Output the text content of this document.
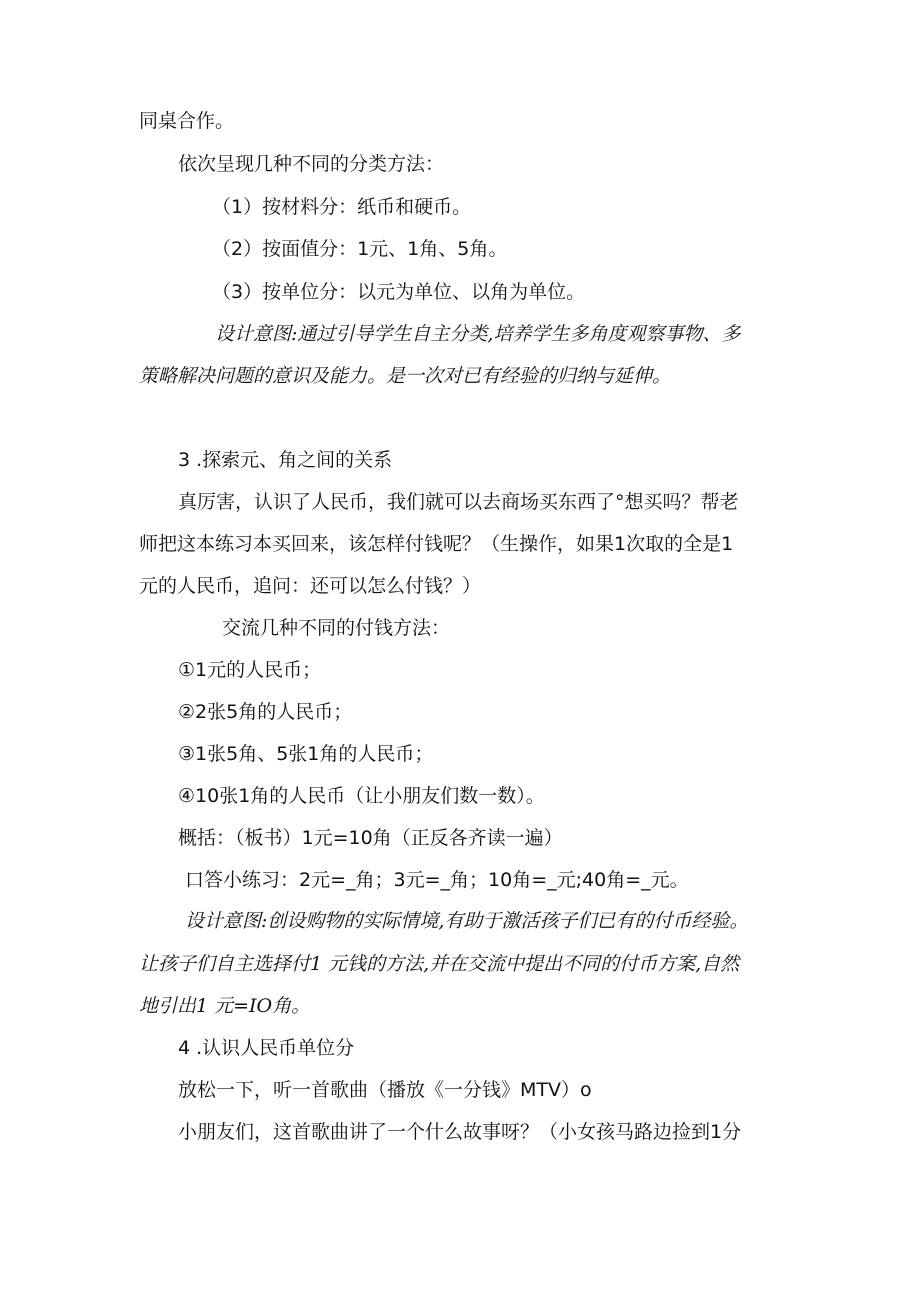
同桌合作。
依次呈现几种不同的分类方法：
（1）按材料分：纸币和硬币。
（2）按面值分：1元、1角、5角。
（3）按单位分：以元为单位、以角为单位。
设计意图:通过引导学生自主分类,培养学生多角度观察事物、多
策略解决问题的意识及能力。是一次对已有经验的归纳与延伸。
3 .探索元、角之间的关系
真厉害，认识了人民币，我们就可以去商场买东西了°想买吗？帮老
师把这本练习本买回来，该怎样付钱呢？（生操作，如果1次取的全是1
元的人民币，追问：还可以怎么付钱？）
交流几种不同的付钱方法：
①1元的人民币；
②2张5角的人民币；
③1张5角、5张1角的人民币；
④10张1角的人民币（让小朋友们数一数）。
概括：（板书）1元=10角（正反各齐读一遍）
口答小练习：2元=_角；3元=_角；10角=_元;40角=_元。
设计意图:创设购物的实际情境,有助于激活孩子们已有的付币经验。
让孩子们自主选择付1 元钱的方法,并在交流中提出不同的付币方案,自然
地引出1 元=IO角。
4 .认识人民币单位分
放松一下，听一首歌曲（播放《一分钱》MTV）o
小朋友们，这首歌曲讲了一个什么故事呀？（小女孩马路边捡到1分
